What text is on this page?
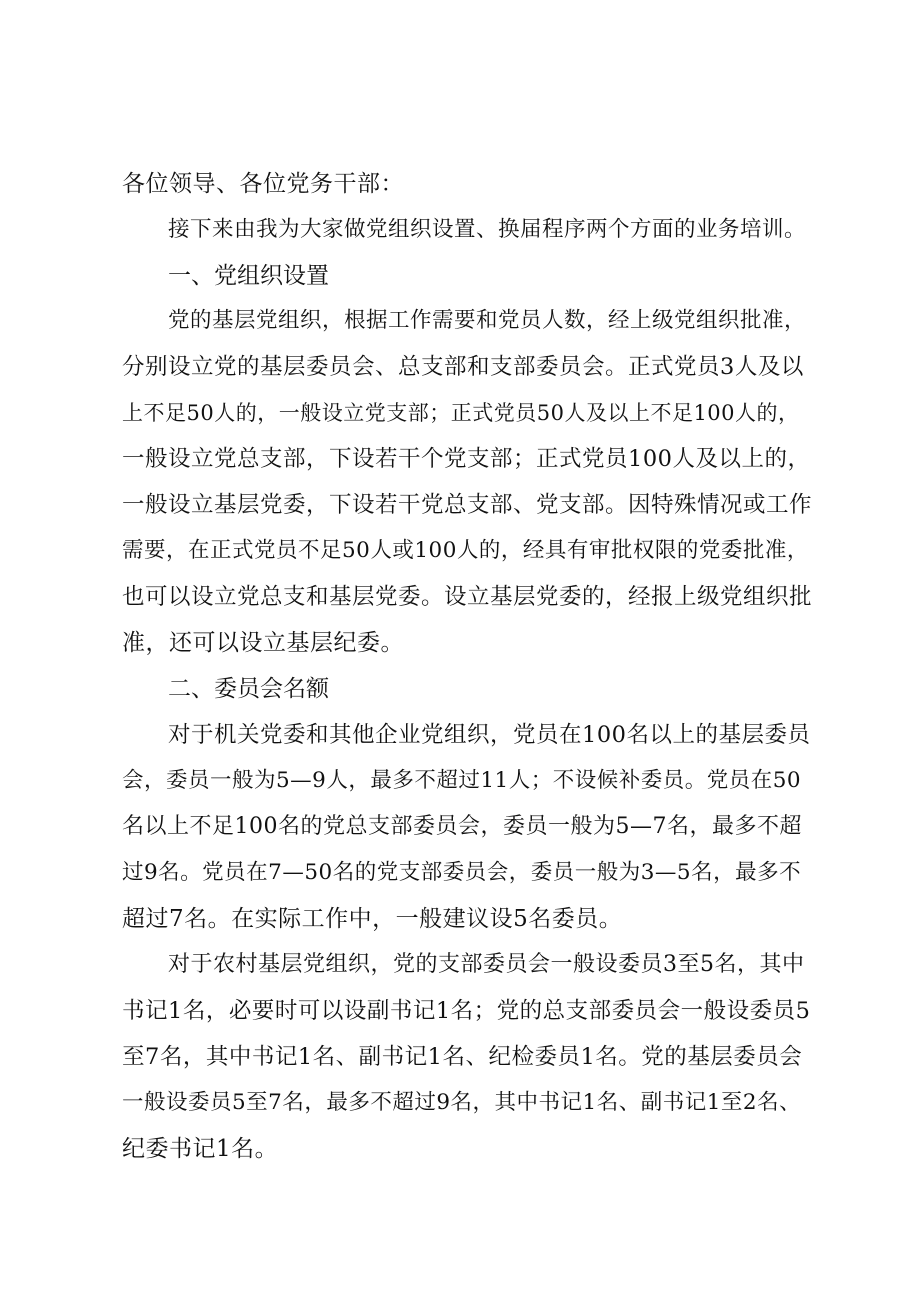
各位领导、各位党务干部：
接下来由我为大家做党组织设置、换届程序两个方面的业务培训。
一、党组织设置
党的基层党组织，根据工作需要和党员人数，经上级党组织批准，
分别设立党的基层委员会、总支部和支部委员会。正式党员3人及以
上不足50人的，一般设立党支部；正式党员50人及以上不足100人的，
一般设立党总支部，下设若干个党支部；正式党员100人及以上的，
一般设立基层党委，下设若干党总支部、党支部。因特殊情况或工作
需要，在正式党员不足50人或100人的，经具有审批权限的党委批准，
也可以设立党总支和基层党委。设立基层党委的，经报上级党组织批
准，还可以设立基层纪委。
二、委员会名额
对于机关党委和其他企业党组织，党员在100名以上的基层委员
会，委员一般为5—9人，最多不超过11人；不设候补委员。党员在50
名以上不足100名的党总支部委员会，委员一般为5—7名，最多不超
过9名。党员在7—50名的党支部委员会，委员一般为3—5名，最多不
超过7名。在实际工作中，一般建议设5名委员。
对于农村基层党组织，党的支部委员会一般设委员3至5名，其中
书记1名，必要时可以设副书记1名；党的总支部委员会一般设委员5
至7名，其中书记1名、副书记1名、纪检委员1名。党的基层委员会
一般设委员5至7名，最多不超过9名，其中书记1名、副书记1至2名、
纪委书记1名。
